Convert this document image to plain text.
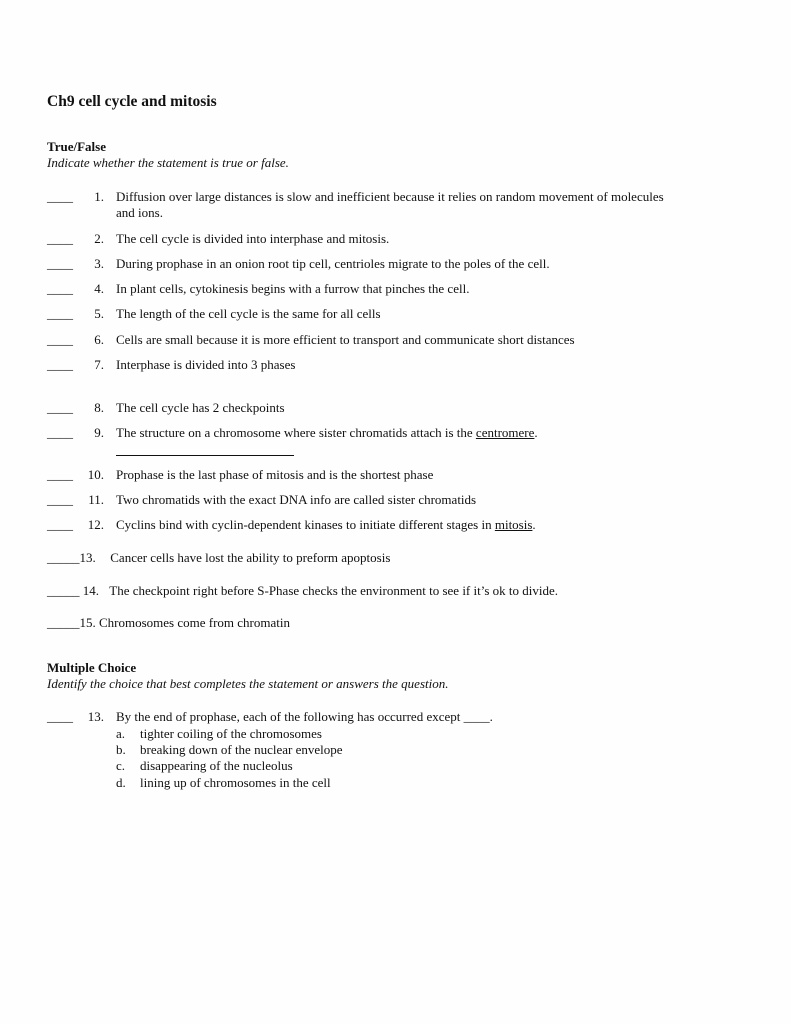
Ch9 cell cycle and mitosis
True/False
Indicate whether the statement is true or false.
____	1. Diffusion over large distances is slow and inefficient because it relies on random movement of molecules and ions.
____	2. The cell cycle is divided into interphase and mitosis.
____	3. During prophase in an onion root tip cell, centrioles migrate to the poles of the cell.
____	4. In plant cells, cytokinesis begins with a furrow that pinches the cell.
____	5. The length of the cell cycle is the same for all cells
____	6. Cells are small because it is more efficient to transport and communicate short distances
____	7. Interphase is divided into 3 phases
____	8. The cell cycle has 2 checkpoints
____	9. The structure on a chromosome where sister chromatids attach is the centromere.
____	10. Prophase is the last phase of mitosis and is the shortest phase
____	11. Two chromatids with the exact DNA info are called sister chromatids
____	12. Cyclins bind with cyclin-dependent kinases to initiate different stages in mitosis.
_____13. Cancer cells have lost the ability to preform apoptosis
_____ 14. The checkpoint right before S-Phase checks the environment to see if it’s ok to divide.
_____15. Chromosomes come from chromatin
Multiple Choice
Identify the choice that best completes the statement or answers the question.
____	13. By the end of prophase, each of the following has occurred except ____.
a. tighter coiling of the chromosomes
b. breaking down of the nuclear envelope
c. disappearing of the nucleolus
d. lining up of chromosomes in the cell
